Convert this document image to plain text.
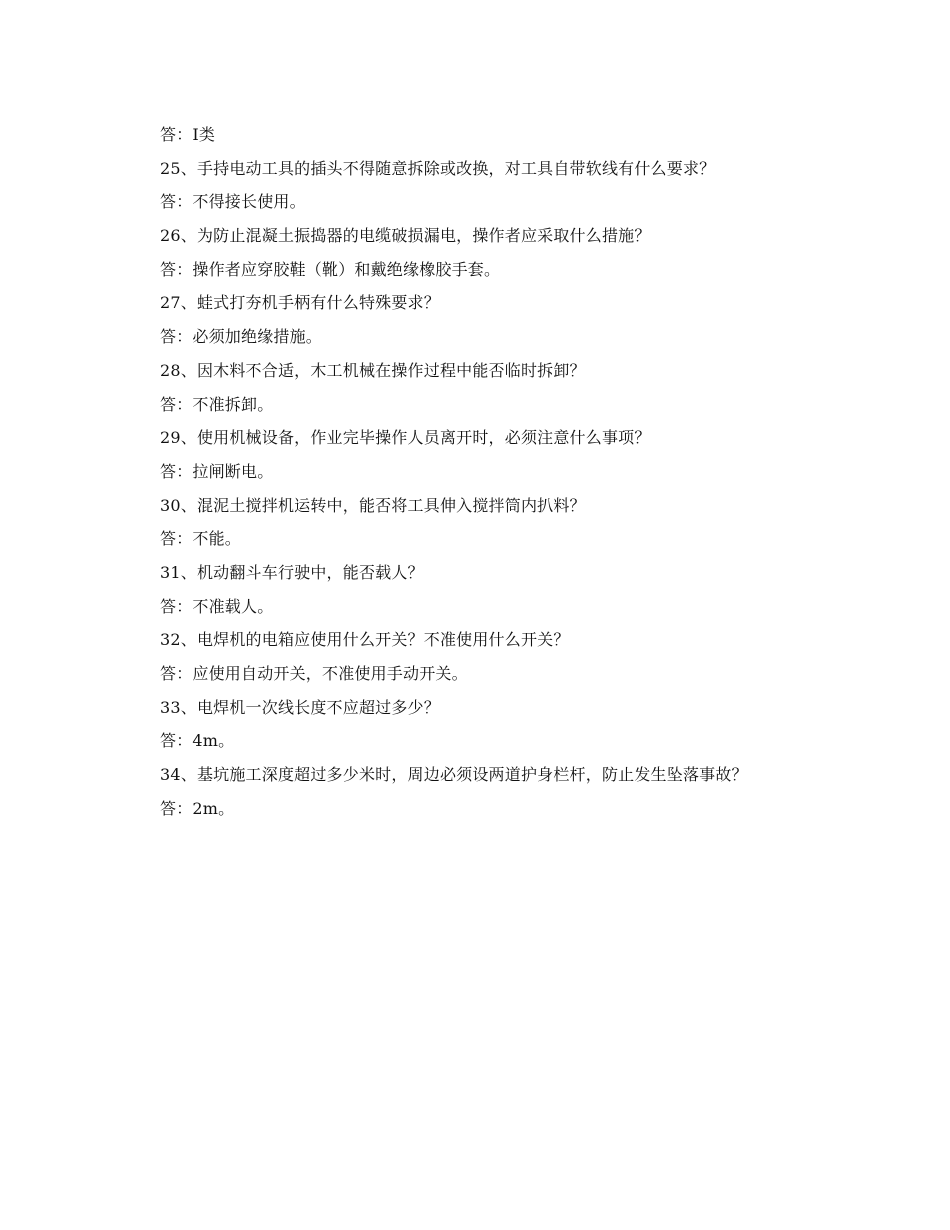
答：Ⅰ类
25、手持电动工具的插头不得随意拆除或改换，对工具自带软线有什么要求？
答：不得接长使用。
26、为防止混凝土振捣器的电缆破损漏电，操作者应采取什么措施？
答：操作者应穿胶鞋（靴）和戴绝缘橡胶手套。
27、蛙式打夯机手柄有什么特殊要求？
答：必须加绝缘措施。
28、因木料不合适，木工机械在操作过程中能否临时拆卸？
答：不准拆卸。
29、使用机械设备，作业完毕操作人员离开时，必须注意什么事项？
答：拉闸断电。
30、混泥土搅拌机运转中，能否将工具伸入搅拌筒内扒料？
答：不能。
31、机动翻斗车行驶中，能否载人？
答：不准载人。
32、电焊机的电箱应使用什么开关？不准使用什么开关？
答：应使用自动开关，不准使用手动开关。
33、电焊机一次线长度不应超过多少？
答：4m。
34、基坑施工深度超过多少米时，周边必须设两道护身栏杆，防止发生坠落事故？
答：2m。
